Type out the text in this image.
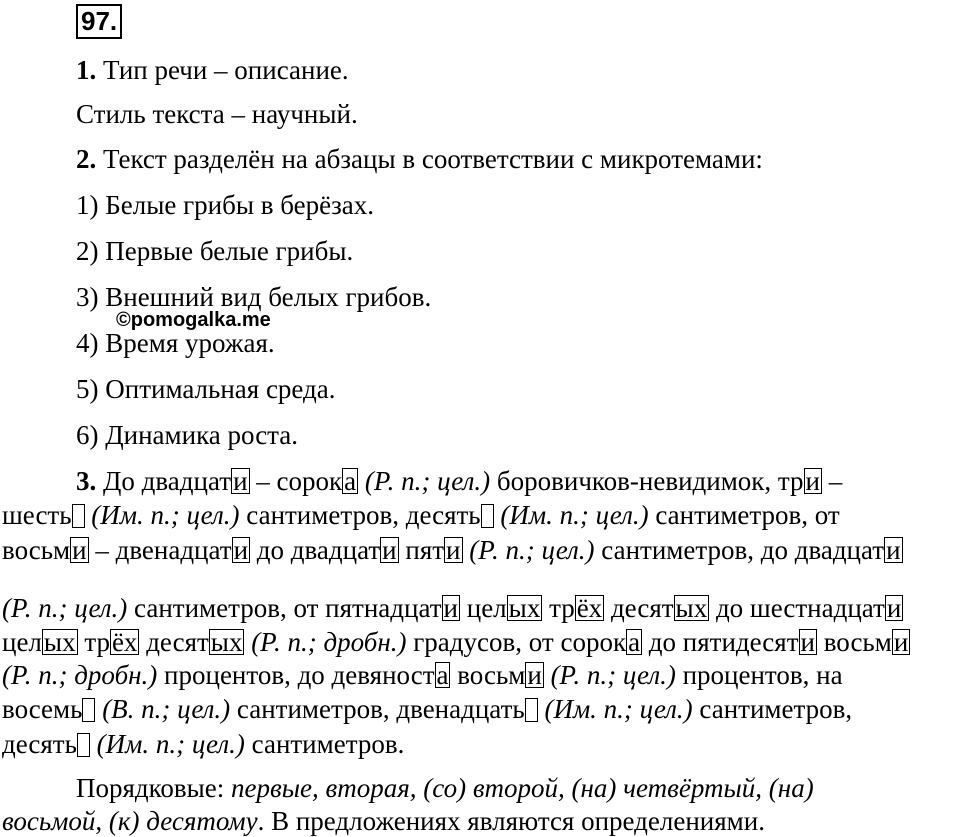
97.
1. Тип речи – описание.
Стиль текста – научный.
2. Текст разделён на абзацы в соответствии с микротемами:
1) Белые грибы в берёзах.
2) Первые белые грибы.
3) Внешний вид белых грибов.
©pomogalka.me
4) Время урожая.
5) Оптимальная среда.
6) Динамика роста.
3. До двадцати – сорока (Р. п.; цел.) боровичков-невидимок, три –
шесть (Им. п.; цел.) сантиметров, десять (Им. п.; цел.) сантиметров, от
восьми – двенадцати до двадцати пяти (Р. п.; цел.) сантиметров, до двадцати
(Р. п.; цел.) сантиметров, от пятнадцати целых трёх десятых до шестнадцати
целых трёх десятых (Р. п.; дробн.) градусов, от сорока до пятидесяти восьми
(Р. п.; дробн.) процентов, до девяноста восьми (Р. п.; цел.) процентов, на
восемь (В. п.; цел.) сантиметров, двенадцать (Им. п.; цел.) сантиметров,
десять (Им. п.; цел.) сантиметров.
Порядковые: первые, вторая, (со) второй, (на) четвёртый, (на)
восьмой, (к) десятому. В предложениях являются определениями.
